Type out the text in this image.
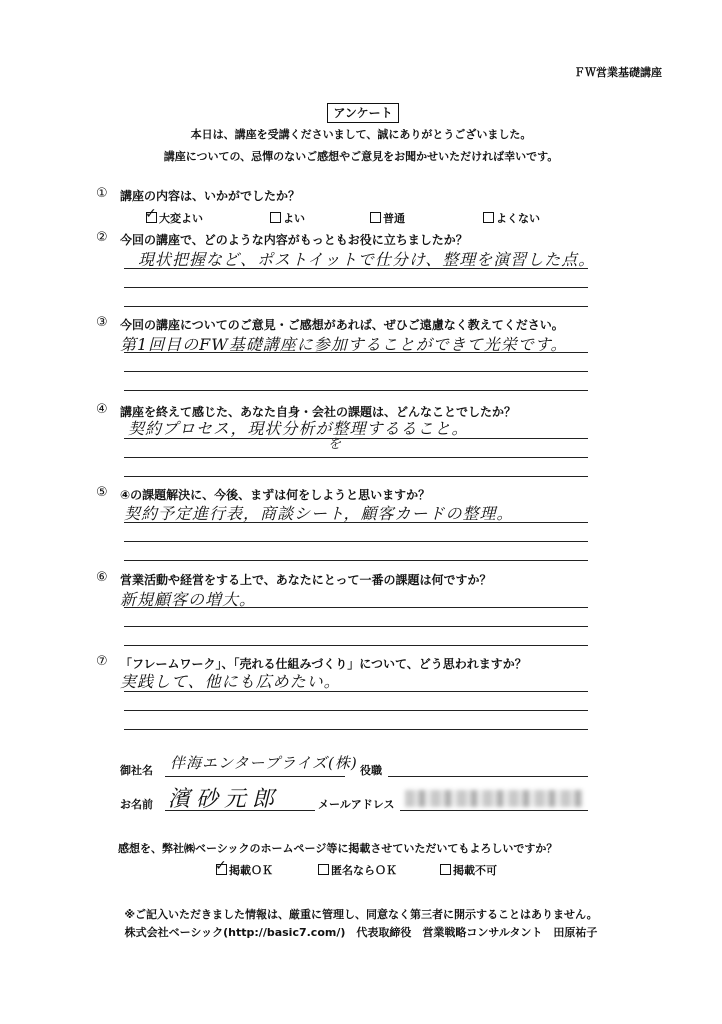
ＦＷ営業基礎講座
アンケート
本日は、講座を受講くださいまして、誠にありがとうございました。
講座についての、忌憚のないご感想やご意見をお聞かせいただければ幸いです。
① 講座の内容は、いかがでしたか？
✓大変よい	よい	普通	よくない
② 今回の講座で、どのような内容がもっともお役に立ちましたか？
現状把握など、ポストイットで仕分け、整理を演習した点。
③ 今回の講座についてのご意見・ご感想があれば、ぜひご遠慮なく教えてください。
第1回目のFW基礎講座に参加することができて光栄です。
④ 講座を終えて感じた、あなた自身・会社の課題は、どんなことでしたか？
契約プロセス，現状分析が整理するること。
を
⑤ ④の課題解決に、今後、まずは何をしようと思いますか？
契約予定進行表，商談シート，顧客カードの整理。
⑥ 営業活動や経営をする上で、あなたにとって一番の課題は何ですか？
新規顧客の増大。
⑦ 「フレームワーク」、「売れる仕組みづくり」について、どう思われますか？
実践して、他にも広めたい。
御社名 伴海エンタープライズ(株) 役職
お名前 濱砂元郎	メールアドレス
感想を、弊社㈱ベーシックのホームページ等に掲載させていただいてもよろしいですか？
✓掲載ＯＫ	匿名ならＯＫ	掲載不可
※ご記入いただきました情報は、厳重に管理し、同意なく第三者に開示することはありません。
株式会社ベーシック(http://basic7.com/)　代表取締役　営業戦略コンサルタント　田原祐子
